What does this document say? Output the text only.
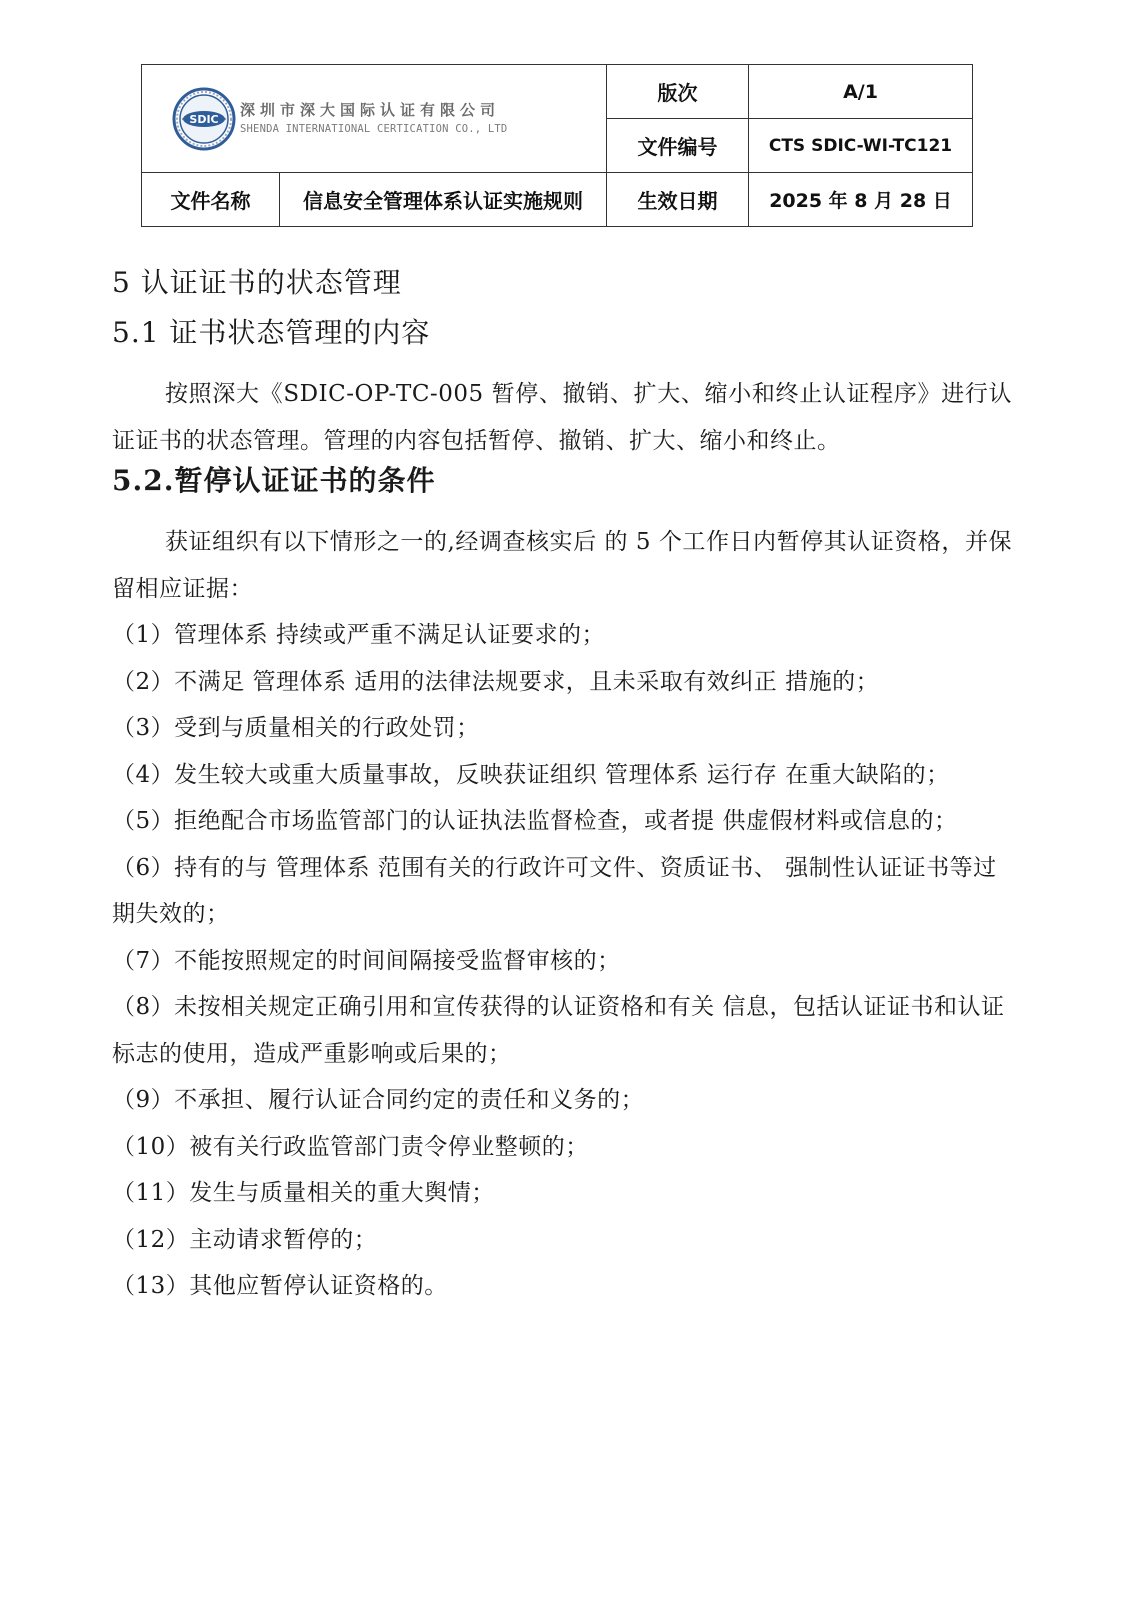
SDIC
深圳市深大国际认证有限公司
SHENDA INTERNATIONAL CERTICATION CO., LTD		版次	A/1
		文件编号	CTS SDIC-WI-TC121
文件名称	信息安全管理体系认证实施规则	生效日期	2025 年 8 月 28 日
5 认证证书的状态管理
5.1 证书状态管理的内容

按照深大《SDIC-OP-TC-005 暂停、撤销、扩大、缩小和终止认证程序》进行认证证书的状态管理。管理的内容包括暂停、撤销、扩大、缩小和终止。

5.2.暂停认证证书的条件

获证组织有以下情形之一的,经调查核实后 的 5 个工作日内暂停其认证资格，并保留相应证据：

（1）管理体系 持续或严重不满足认证要求的；

（2）不满足 管理体系 适用的法律法规要求，且未采取有效纠正 措施的；

（3）受到与质量相关的行政处罚；

（4）发生较大或重大质量事故，反映获证组织 管理体系 运行存 在重大缺陷的；

（5）拒绝配合市场监管部门的认证执法监督检查，或者提 供虚假材料或信息的；

（6）持有的与 管理体系 范围有关的行政许可文件、资质证书、 强制性认证证书等过期失效的；

（7）不能按照规定的时间间隔接受监督审核的；

（8）未按相关规定正确引用和宣传获得的认证资格和有关 信息，包括认证证书和认证标志的使用，造成严重影响或后果的；

（9）不承担、履行认证合同约定的责任和义务的；

（10）被有关行政监管部门责令停业整顿的；

（11）发生与质量相关的重大舆情；

（12）主动请求暂停的；

（13）其他应暂停认证资格的。
